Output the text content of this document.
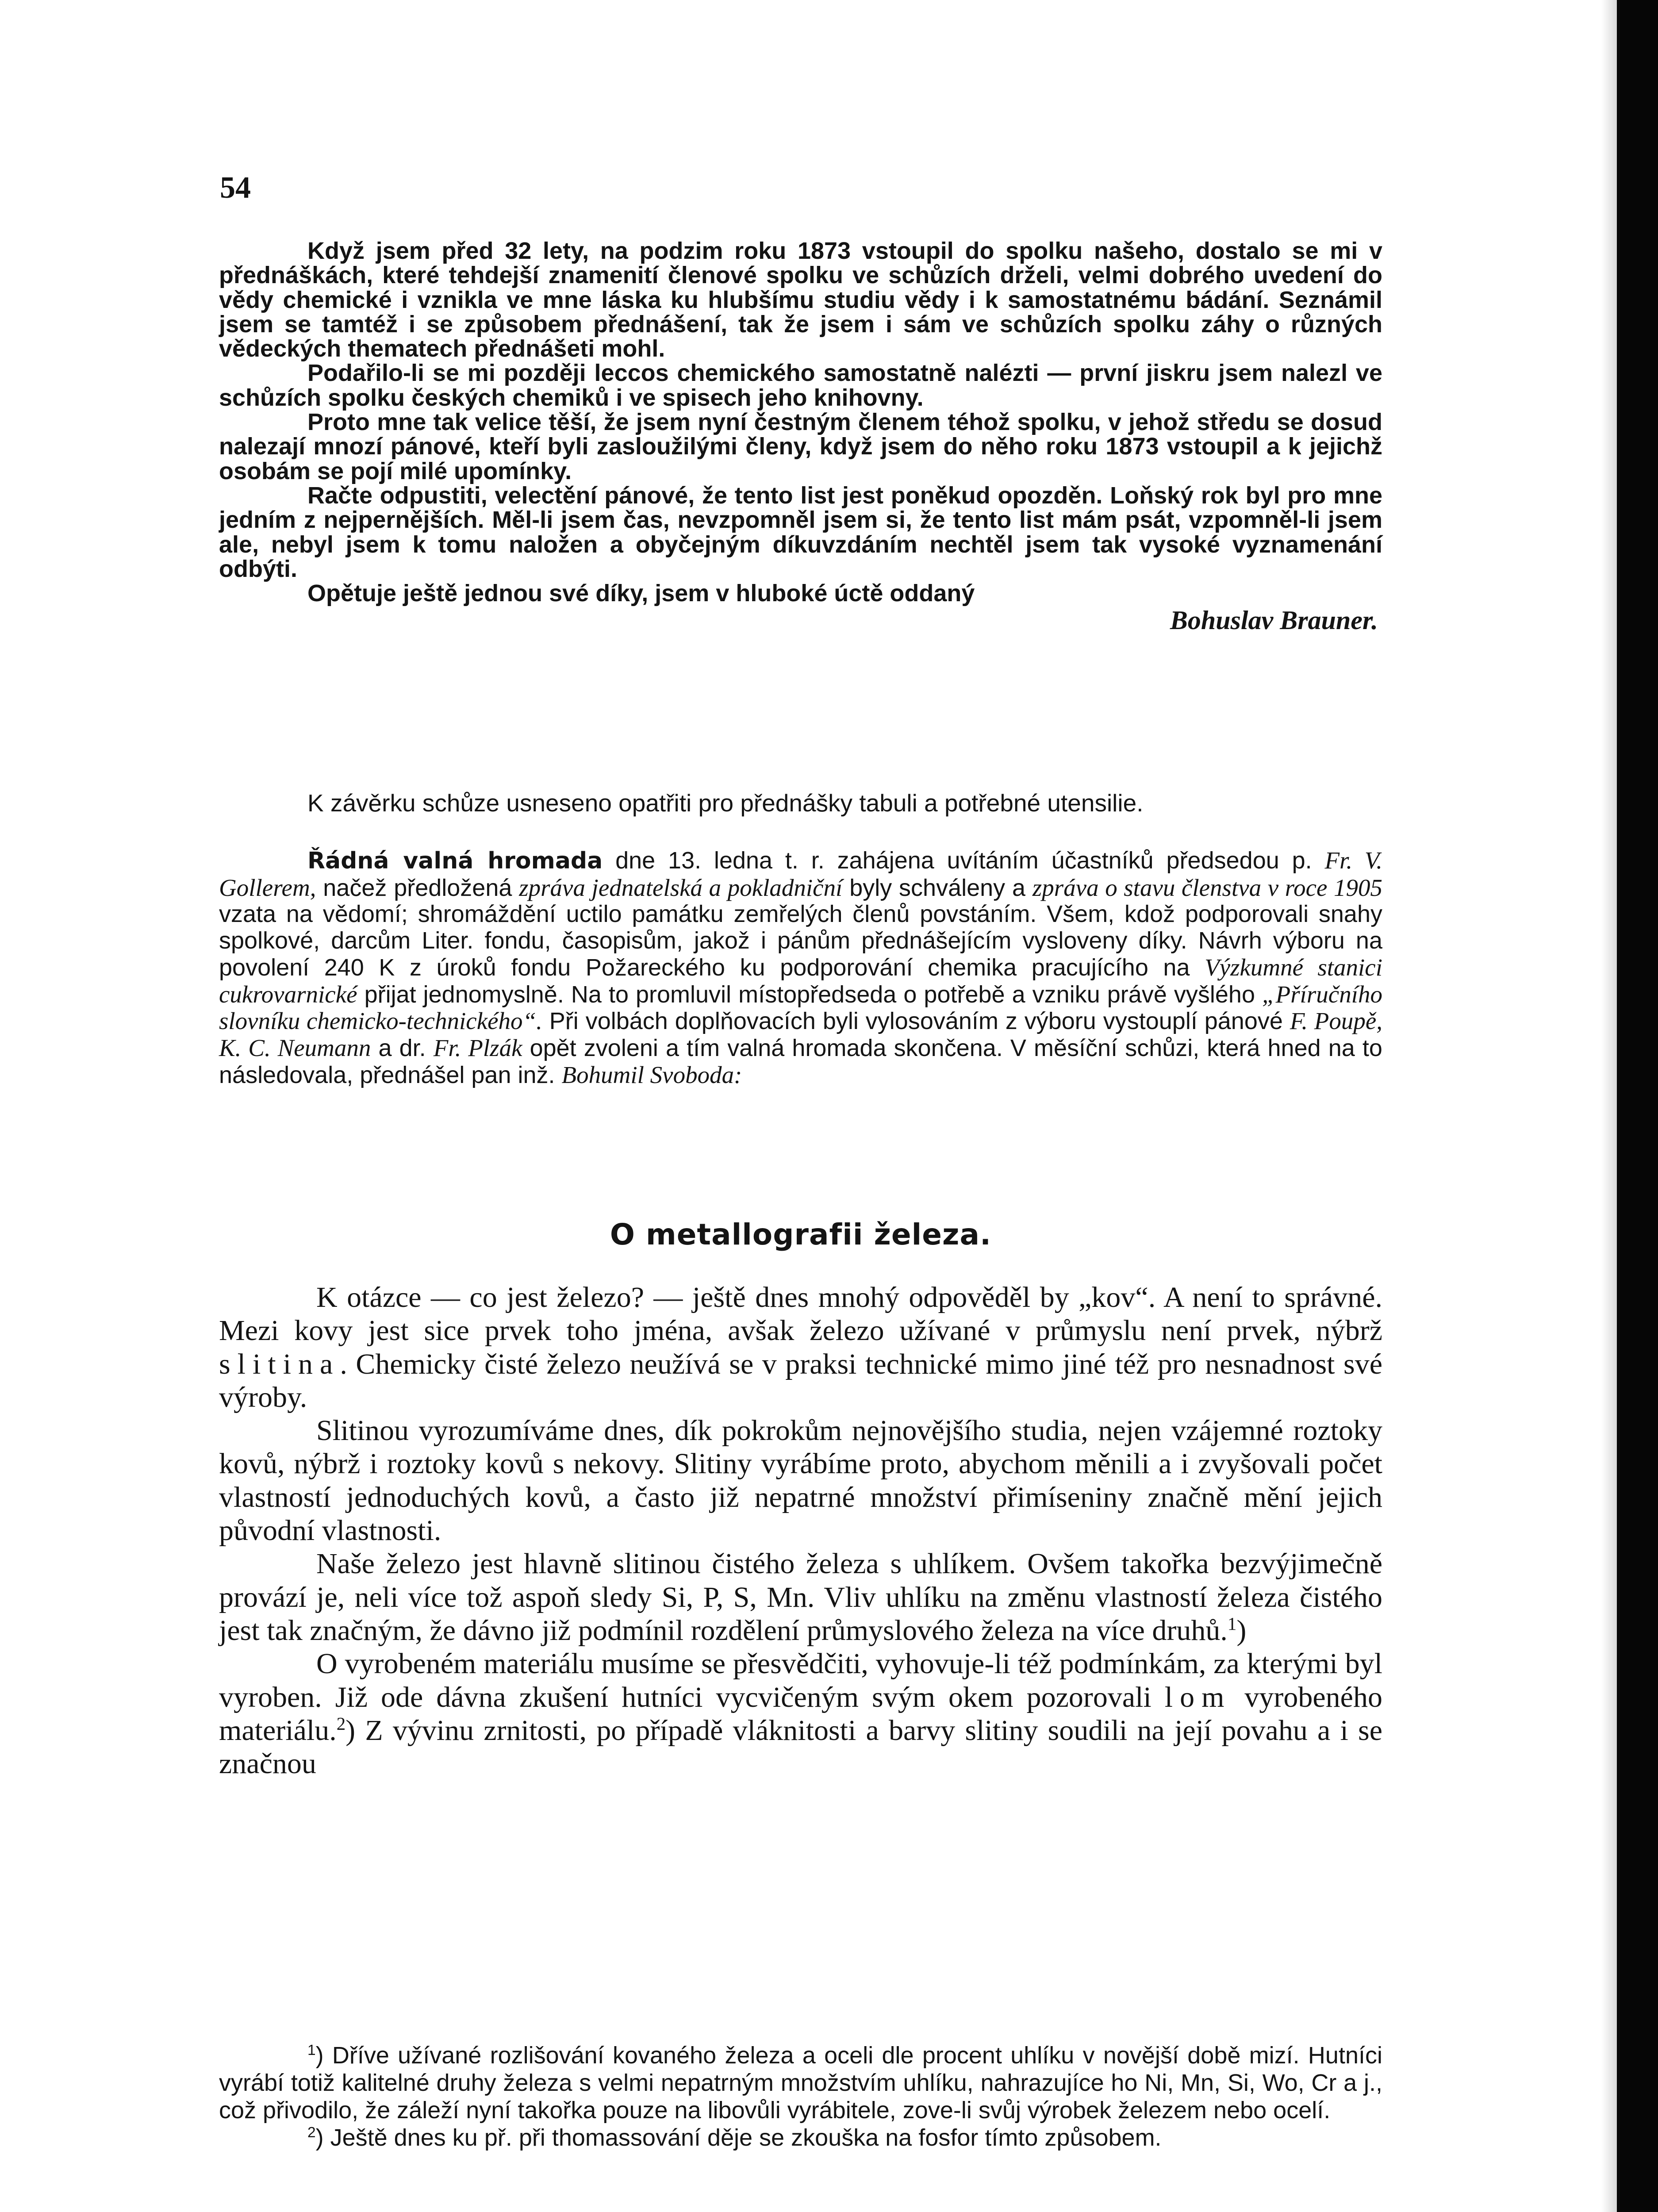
54

Když jsem před 32 lety, na podzim roku 1873 vstoupil do spolku našeho, dostalo se mi v přednáškách, které tehdejší znamenití členové spolku ve schůzích drželi, velmi dobrého uvedení do vědy chemické i vznikla ve mne láska ku hlubšímu studiu vědy i k samostatnému bádání. Seznámil jsem se tamtéž i se způsobem přednášení, tak že jsem i sám ve schůzích spolku záhy o různých vědeckých thematech přednášeti mohl.

Podařilo-li se mi později leccos chemického samostatně nalézti — první jiskru jsem nalezl ve schůzích spolku českých chemiků i ve spisech jeho knihovny.

Proto mne tak velice těší, že jsem nyní čestným členem téhož spolku, v jehož středu se dosud nalezají mnozí pánové, kteří byli zasloužilými členy, když jsem do něho roku 1873 vstoupil a k jejichž osobám se pojí milé upomínky.

Račte odpustiti, velectění pánové, že tento list jest poněkud opozděn. Loňský rok byl pro mne jedním z nejpernějších. Měl-li jsem čas, nevzpomněl jsem si, že tento list mám psát, vzpomněl-li jsem ale, nebyl jsem k tomu naložen a obyčejným díkuvzdáním nechtěl jsem tak vysoké vyznamenání odbýti.

Opětuje ještě jednou své díky, jsem v hluboké úctě oddaný

Bohuslav Brauner.

K závěrku schůze usneseno opatřiti pro přednášky tabuli a potřebné utensilie.

Řádná valná hromada dne 13. ledna t. r. zahájena uvítáním účastníků předsedou p. Fr. V. Gollerem, načež předložená zpráva jednatelská a pokladniční byly schváleny a zpráva o stavu členstva v roce 1905 vzata na vědomí; shromáždění uctilo památku zemřelých členů povstáním. Všem, kdož podporovali snahy spolkové, darcům Liter. fondu, časopisům, jakož i pánům přednášejícím vysloveny díky. Návrh výboru na povolení 240 K z úroků fondu Požareckého ku podporování chemika pracujícího na Výzkumné stanici cukrovarnické přijat jednomyslně. Na to promluvil místopředseda o potřebě a vzniku právě vyšlého „Příručního slovníku chemicko-technického“. Při volbách doplňovacích byli vylosováním z výboru vystouplí pánové F. Poupě, K. C. Neumann a dr. Fr. Plzák opět zvoleni a tím valná hromada skončena. V měsíční schůzi, která hned na to následovala, přednášel pan inž. Bohumil Svoboda:

O metallografii železa.

K otázce — co jest železo? — ještě dnes mnohý odpověděl by „kov“. A není to správné. Mezi kovy jest sice prvek toho jména, avšak železo užívané v průmyslu není prvek, nýbrž slitina. Chemicky čisté železo neužívá se v praksi technické mimo jiné též pro nesnadnost své výroby.

Slitinou vyrozumíváme dnes, dík pokrokům nejnovějšího studia, nejen vzájemné roztoky kovů, nýbrž i roztoky kovů s nekovy. Slitiny vyrábíme proto, abychom měnili a i zvyšovali počet vlastností jednoduchých kovů, a často již nepatrné množství přimíseniny značně mění jejich původní vlastnosti.

Naše železo jest hlavně slitinou čistého železa s uhlíkem. Ovšem takořka bezvýjimečně provází je, neli více tož aspoň sledy Si, P, S, Mn. Vliv uhlíku na změnu vlastností železa čistého jest tak značným, že dávno již podmínil rozdělení průmyslového železa na více druhů.$^1$)

O vyrobeném materiálu musíme se přesvědčiti, vyhovuje-li též podmínkám, za kterými byl vyroben. Již ode dávna zkušení hutníci vycvičeným svým okem pozorovali lom vyrobeného materiálu.$^2$) Z vývinu zrnitosti, po případě vláknitosti a barvy slitiny soudili na její povahu a i se značnou

$^1$) Dříve užívané rozlišování kovaného železa a oceli dle procent uhlíku v novější době mizí. Hutníci vyrábí totiž kalitelné druhy železa s velmi nepatrným množstvím uhlíku, nahrazujíce ho Ni, Mn, Si, Wo, Cr a j., což přivodilo, že záleží nyní takořka pouze na libovůli vyrábitele, zove-li svůj výrobek železem nebo ocelí.

$^2$) Ještě dnes ku př. při thomassování děje se zkouška na fosfor tímto způsobem.
